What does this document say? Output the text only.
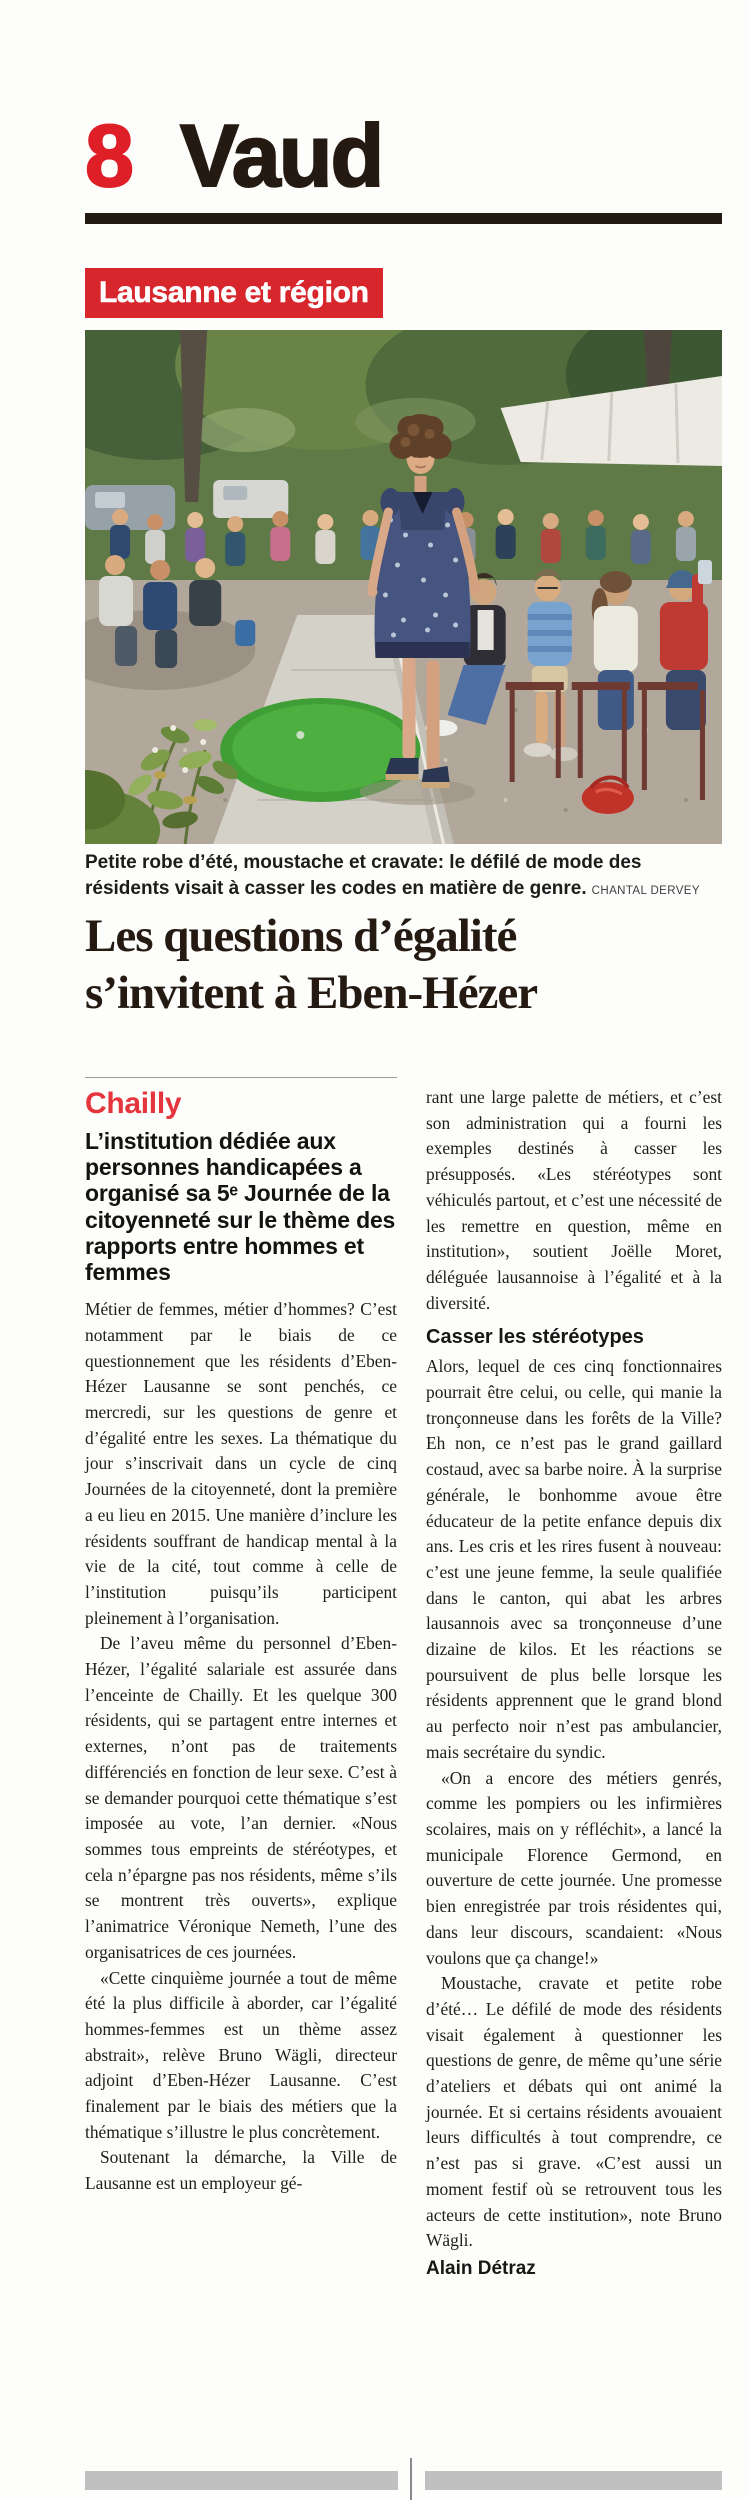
8 Vaud
Lausanne et région
Petite robe d’été, moustache et cravate: le défilé de mode des résidents visait à casser les codes en matière de genre. CHANTAL DERVEY
Les questions d’égalité
s’invitent à Eben-Hézer
Chailly
L’institution dédiée aux personnes handicapées a organisé sa 5ᵉ Journée de la citoyenneté sur le thème des rapports entre hommes et femmes

Métier de femmes, métier d’hommes? C’est notamment par le biais de ce questionnement que les résidents d’Eben-Hézer Lausanne se sont penchés, ce mercredi, sur les questions de genre et d’égalité entre les sexes. La thématique du jour s’inscrivait dans un cycle de cinq Journées de la citoyenneté, dont la première a eu lieu en 2015. Une manière d’inclure les résidents souffrant de handicap mental à la vie de la cité, tout comme à celle de l’institution puisqu’ils participent pleinement à l’organisation.

De l’aveu même du personnel d’Eben-Hézer, l’égalité salariale est assurée dans l’enceinte de Chailly. Et les quelque 300 résidents, qui se partagent entre internes et externes, n’ont pas de traitements différenciés en fonction de leur sexe. C’est à se demander pourquoi cette thématique s’est imposée au vote, l’an dernier. «Nous sommes tous empreints de stéréotypes, et cela n’épargne pas nos résidents, même s’ils se montrent très ouverts», explique l’animatrice Véronique Nemeth, l’une des organisatrices de ces journées.

«Cette cinquième journée a tout de même été la plus difficile à aborder, car l’égalité hommes-femmes est un thème assez abstrait», relève Bruno Wägli, directeur adjoint d’Eben-Hézer Lausanne. C’est finalement par le biais des métiers que la thématique s’illustre le plus concrètement.

Soutenant la démarche, la Ville de Lausanne est un employeur gé-

rant une large palette de métiers, et c’est son administration qui a fourni les exemples destinés à casser les présupposés. «Les stéréotypes sont véhiculés partout, et c’est une nécessité de les remettre en question, même en institution», soutient Joëlle Moret, déléguée lausannoise à l’égalité et à la diversité.

Casser les stéréotypes

Alors, lequel de ces cinq fonctionnaires pourrait être celui, ou celle, qui manie la tronçonneuse dans les forêts de la Ville? Eh non, ce n’est pas le grand gaillard costaud, avec sa barbe noire. À la surprise générale, le bonhomme avoue être éducateur de la petite enfance depuis dix ans. Les cris et les rires fusent à nouveau: c’est une jeune femme, la seule qualifiée dans le canton, qui abat les arbres lausannois avec sa tronçonneuse d’une dizaine de kilos. Et les réactions se poursuivent de plus belle lorsque les résidents apprennent que le grand blond au perfecto noir n’est pas ambulancier, mais secrétaire du syndic.

«On a encore des métiers genrés, comme les pompiers ou les infirmières scolaires, mais on y réfléchit», a lancé la municipale Florence Germond, en ouverture de cette journée. Une promesse bien enregistrée par trois résidentes qui, dans leur discours, scandaient: «Nous voulons que ça change!»

Moustache, cravate et petite robe d’été… Le défilé de mode des résidents visait également à questionner les questions de genre, de même qu’une série d’ateliers et débats qui ont animé la journée. Et si certains résidents avouaient leurs difficultés à tout comprendre, ce n’est pas si grave. «C’est aussi un moment festif où se retrouvent tous les acteurs de cette institution», note Bruno Wägli.

Alain Détraz
